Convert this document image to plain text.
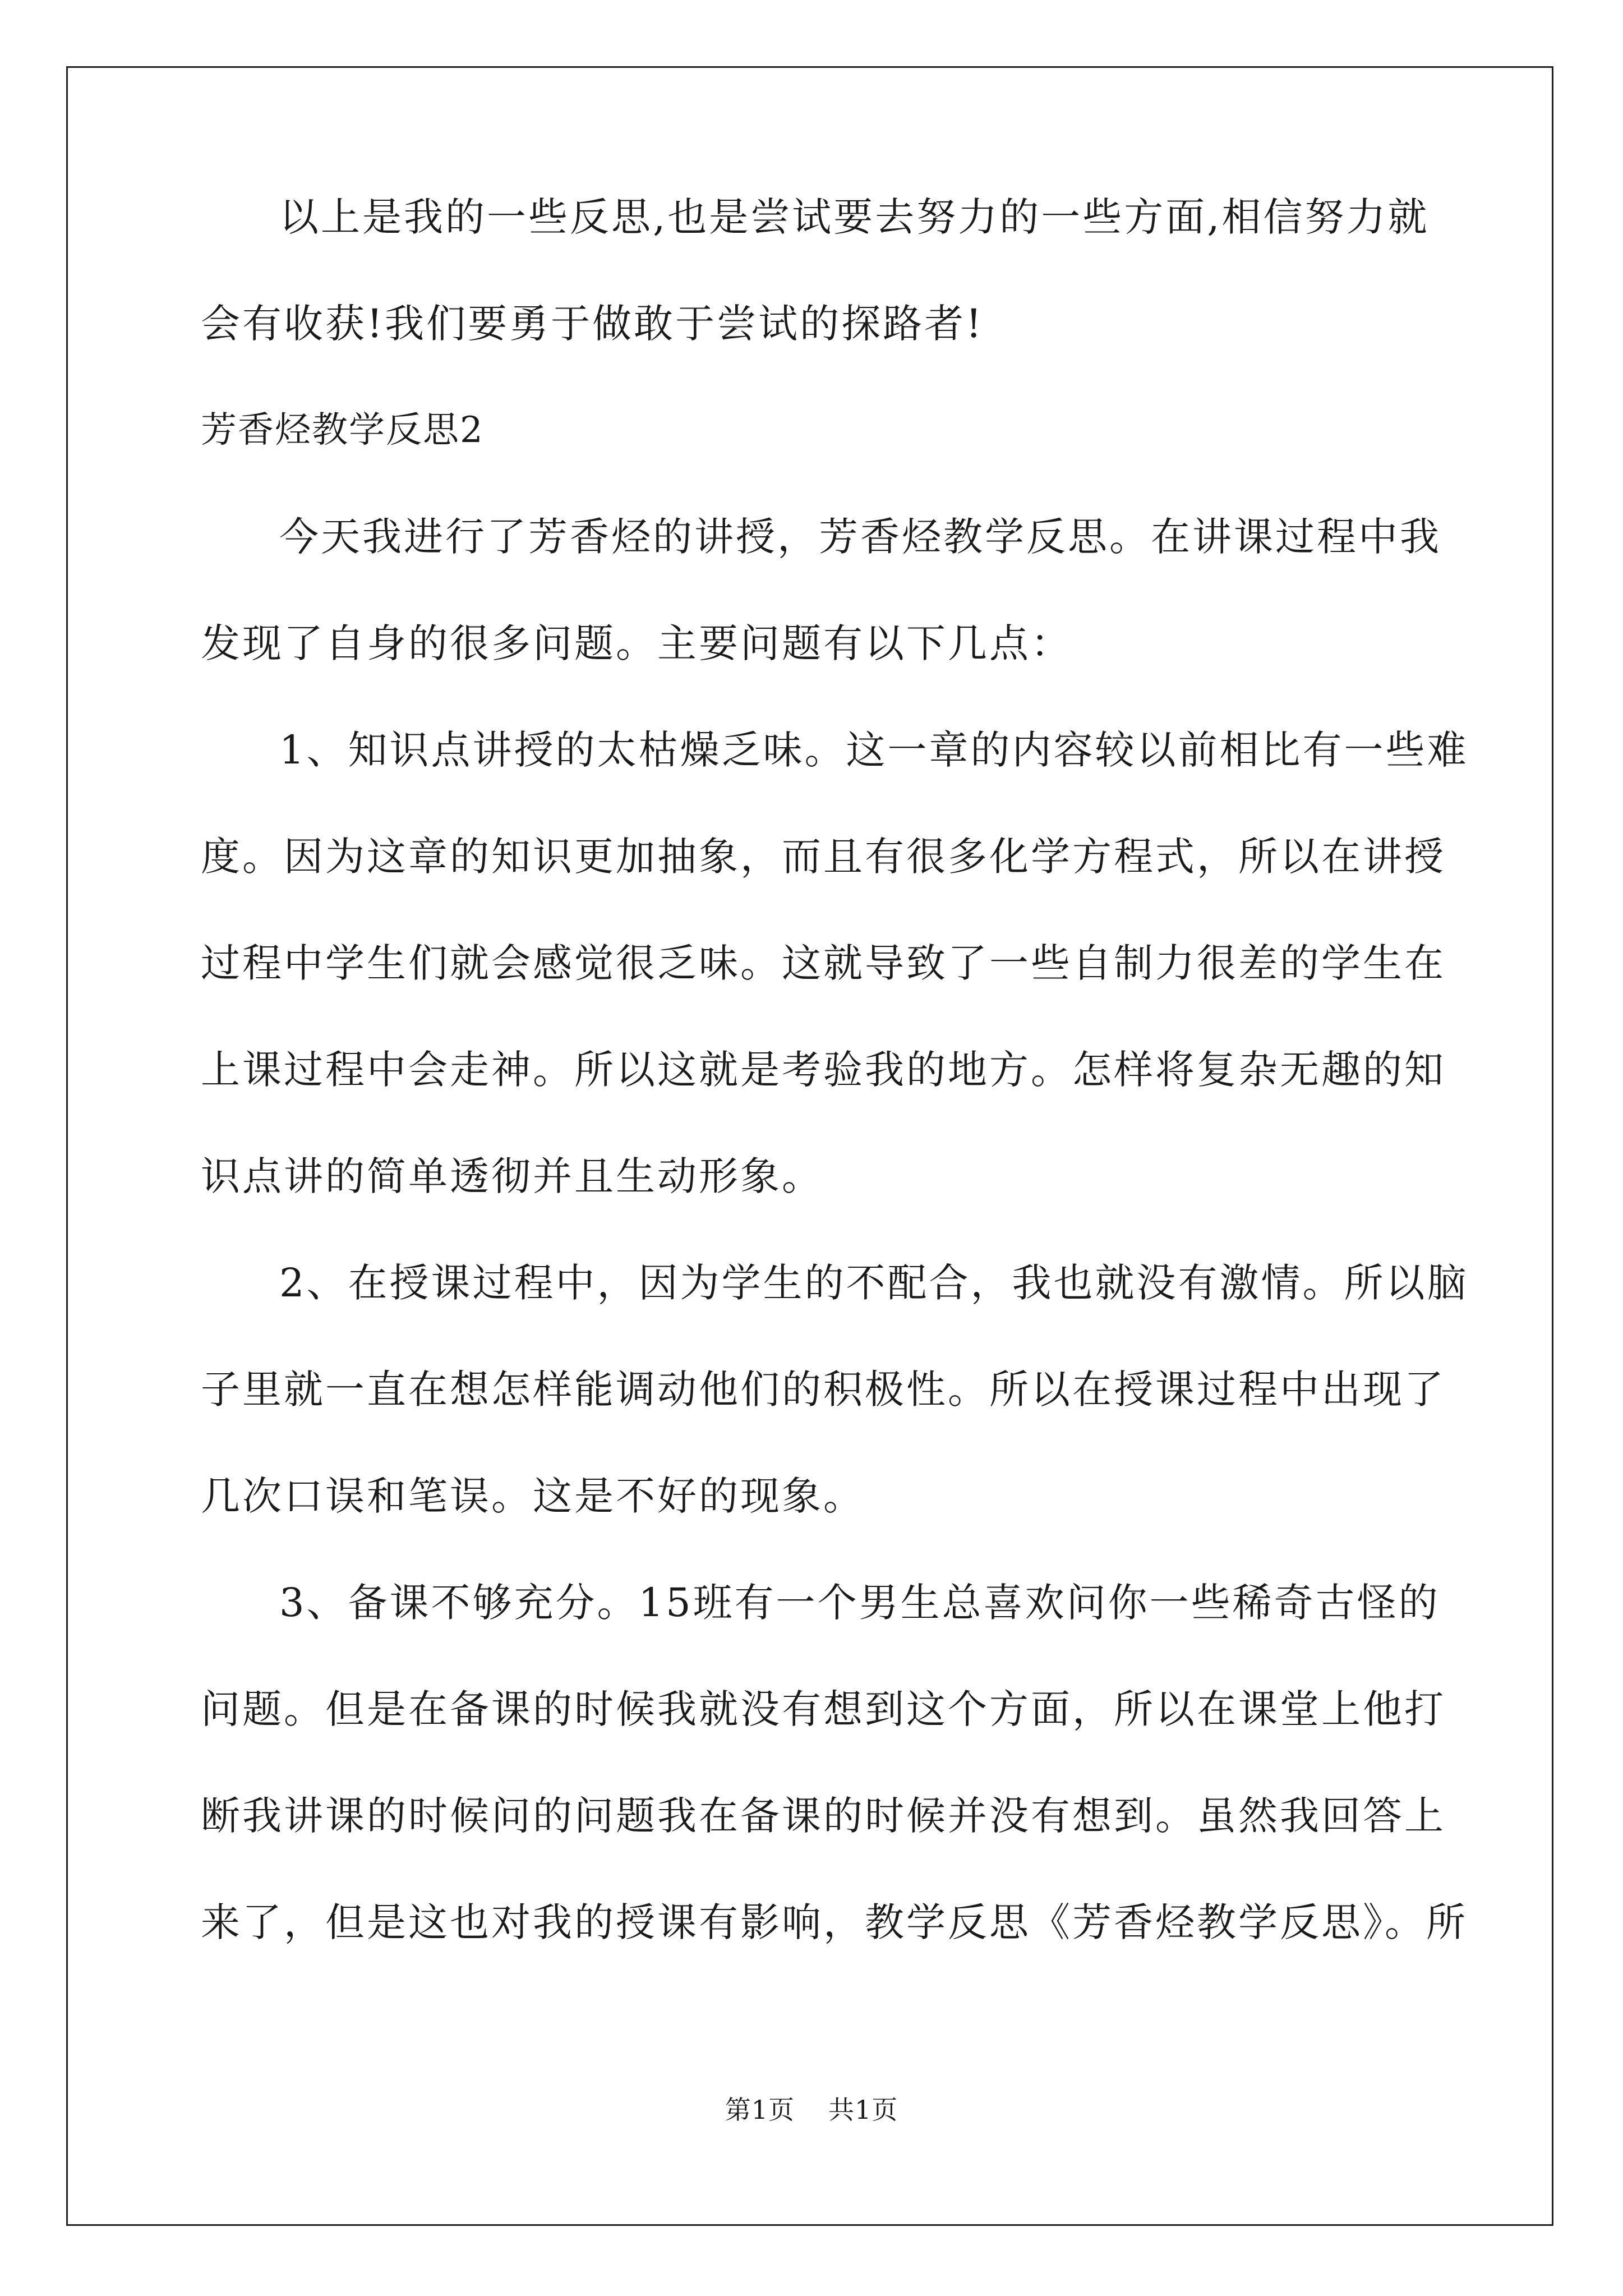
以上是我的一些反思,也是尝试要去努力的一些方面,相信努力就
会有收获!我们要勇于做敢于尝试的探路者!
芳香烃教学反思2
今天我进行了芳香烃的讲授，芳香烃教学反思。在讲课过程中我
发现了自身的很多问题。主要问题有以下几点：
1、知识点讲授的太枯燥乏味。这一章的内容较以前相比有一些难
度。因为这章的知识更加抽象，而且有很多化学方程式，所以在讲授
过程中学生们就会感觉很乏味。这就导致了一些自制力很差的学生在
上课过程中会走神。所以这就是考验我的地方。怎样将复杂无趣的知
识点讲的简单透彻并且生动形象。
2、在授课过程中，因为学生的不配合，我也就没有激情。所以脑
子里就一直在想怎样能调动他们的积极性。所以在授课过程中出现了
几次口误和笔误。这是不好的现象。
3、备课不够充分。15班有一个男生总喜欢问你一些稀奇古怪的
问题。但是在备课的时候我就没有想到这个方面，所以在课堂上他打
断我讲课的时候问的问题我在备课的时候并没有想到。虽然我回答上
来了，但是这也对我的授课有影响，教学反思《芳香烃教学反思》。所
第1页 共1页
